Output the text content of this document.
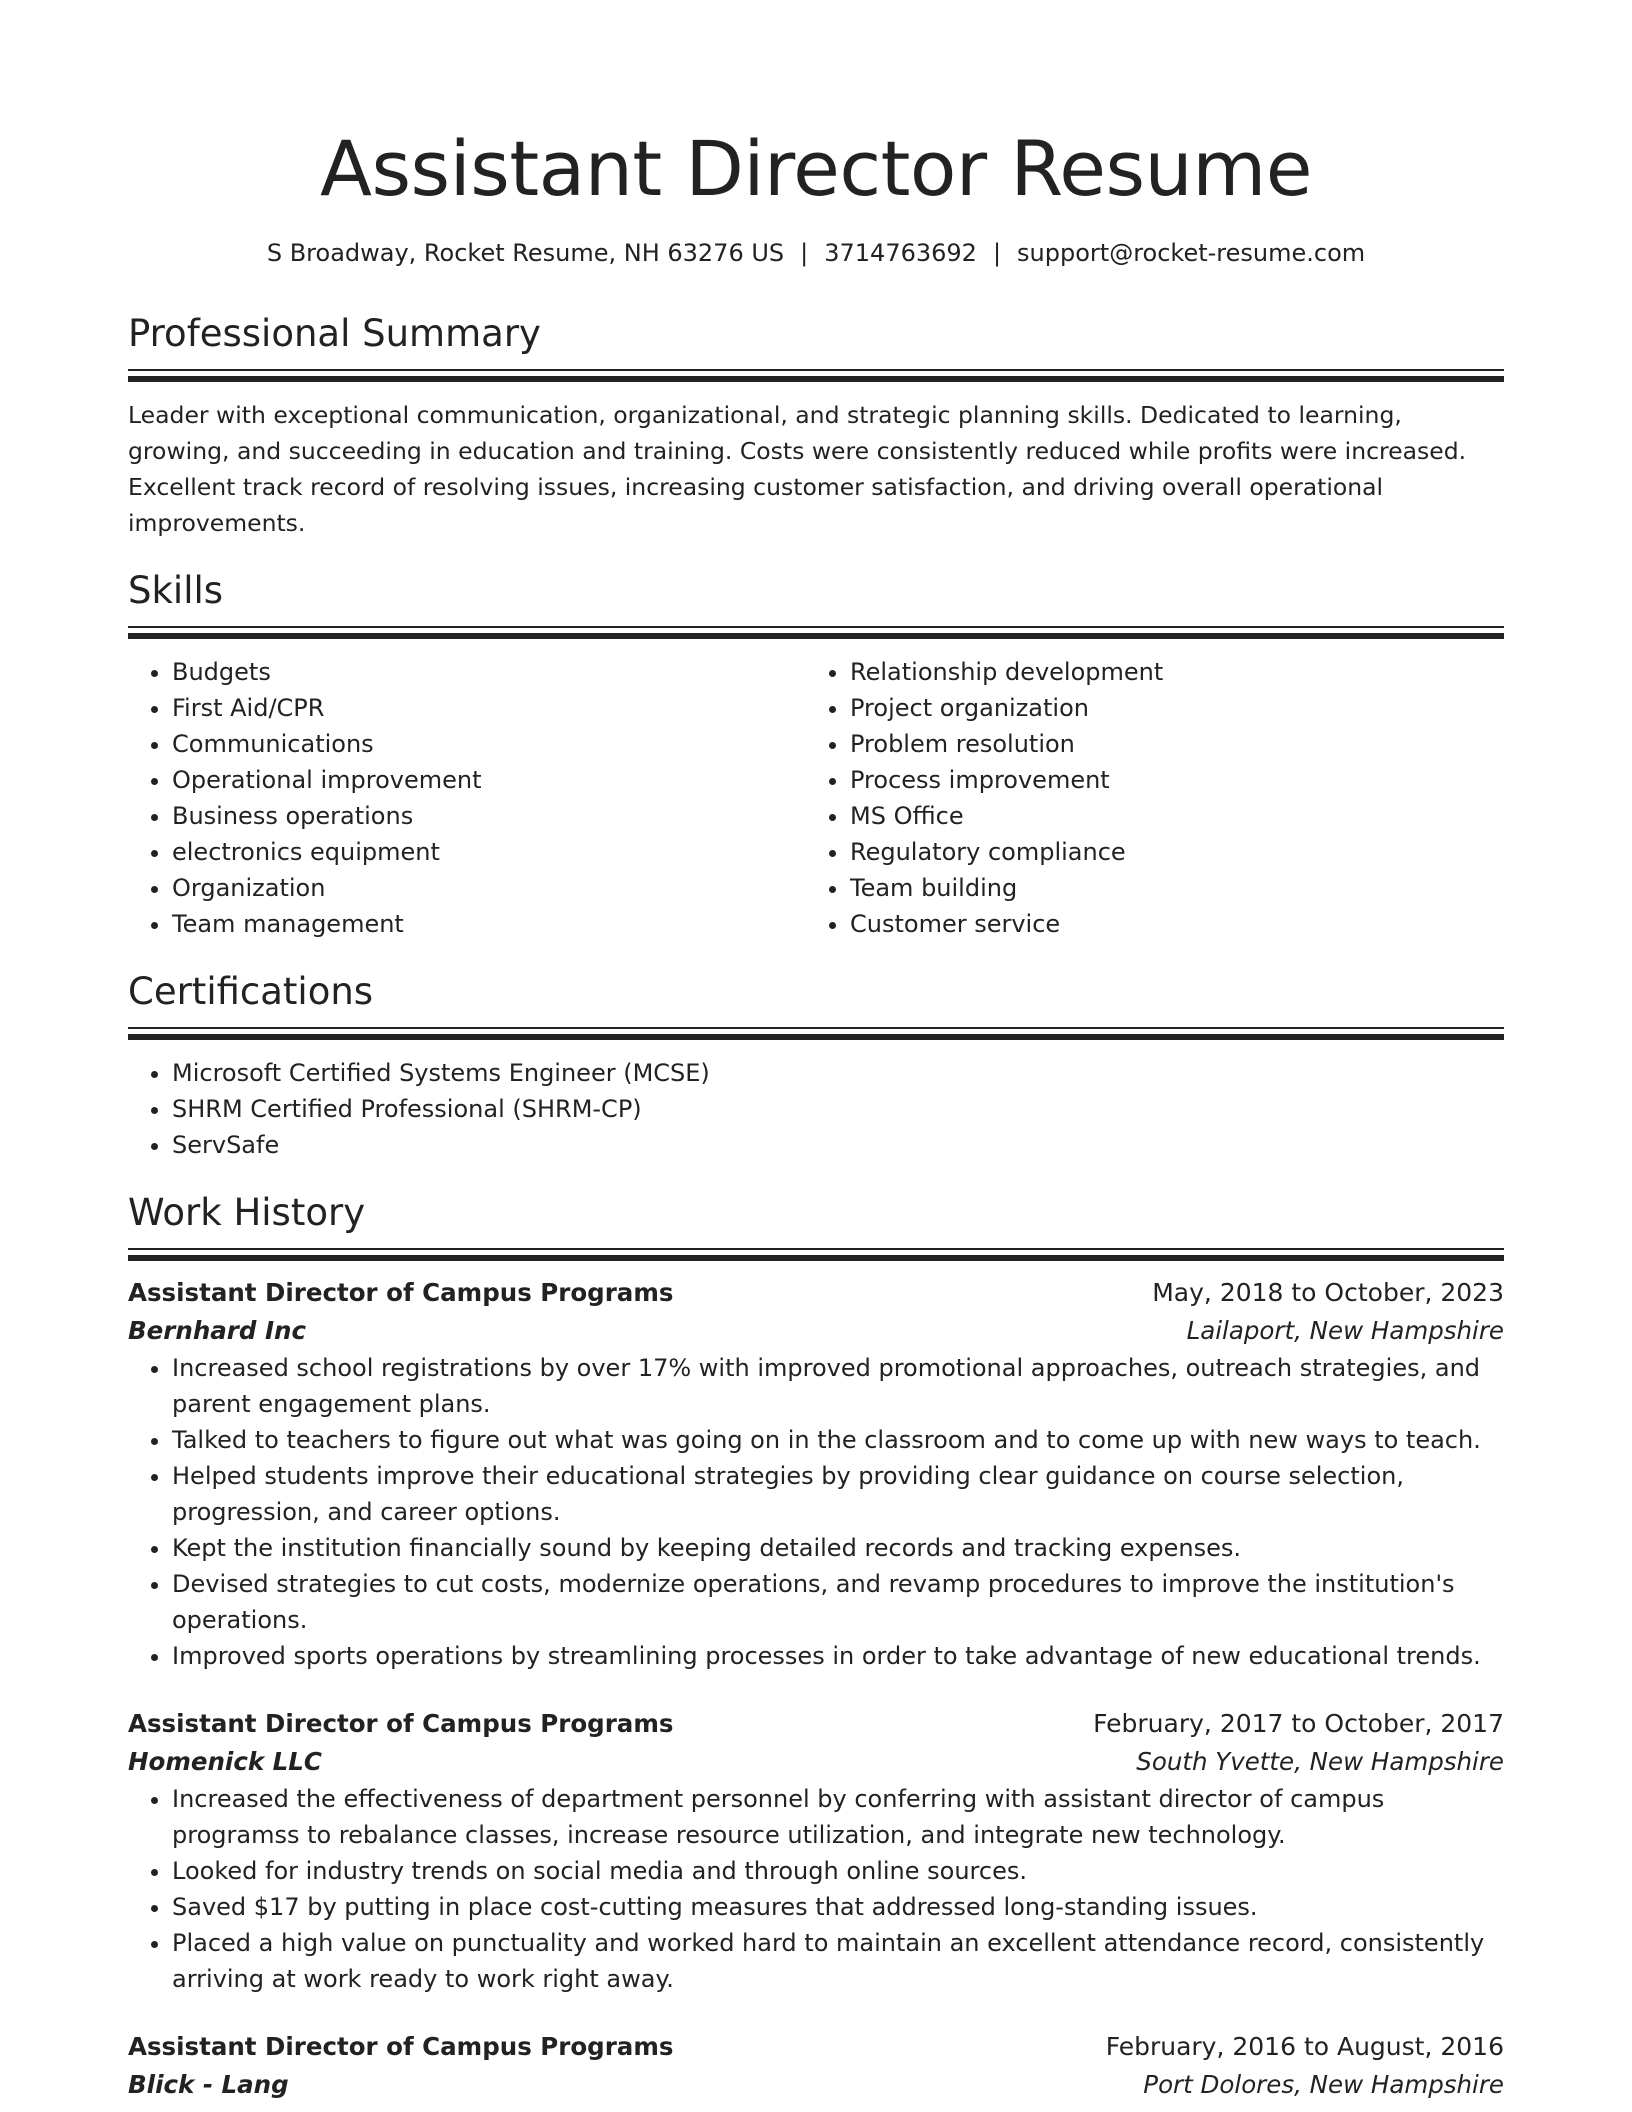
Assistant Director Resume
S Broadway, Rocket Resume, NH 63276 US | 3714763692 | support@rocket-resume.com
Professional Summary
Leader with exceptional communication, organizational, and strategic planning skills. Dedicated to learning, growing, and succeeding in education and training. Costs were consistently reduced while profits were increased. Excellent track record of resolving issues, increasing customer satisfaction, and driving overall operational improvements.
Skills
• Budgets
• First Aid/CPR
• Communications
• Operational improvement
• Business operations
• electronics equipment
• Organization
• Team management
• Relationship development
• Project organization
• Problem resolution
• Process improvement
• MS Office
• Regulatory compliance
• Team building
• Customer service
Certifications
• Microsoft Certified Systems Engineer (MCSE)
• SHRM Certified Professional (SHRM-CP)
• ServSafe
Work History
Assistant Director of Campus Programs	May, 2018 to October, 2023
Bernhard Inc	Lailaport, New Hampshire
• Increased school registrations by over 17% with improved promotional approaches, outreach strategies, and parent engagement plans.
• Talked to teachers to figure out what was going on in the classroom and to come up with new ways to teach.
• Helped students improve their educational strategies by providing clear guidance on course selection, progression, and career options.
• Kept the institution financially sound by keeping detailed records and tracking expenses.
• Devised strategies to cut costs, modernize operations, and revamp procedures to improve the institution's operations.
• Improved sports operations by streamlining processes in order to take advantage of new educational trends.
Assistant Director of Campus Programs	February, 2017 to October, 2017
Homenick LLC	South Yvette, New Hampshire
• Increased the effectiveness of department personnel by conferring with assistant director of campus programss to rebalance classes, increase resource utilization, and integrate new technology.
• Looked for industry trends on social media and through online sources.
• Saved $17 by putting in place cost-cutting measures that addressed long-standing issues.
• Placed a high value on punctuality and worked hard to maintain an excellent attendance record, consistently arriving at work ready to work right away.
Assistant Director of Campus Programs	February, 2016 to August, 2016
Blick - Lang	Port Dolores, New Hampshire
